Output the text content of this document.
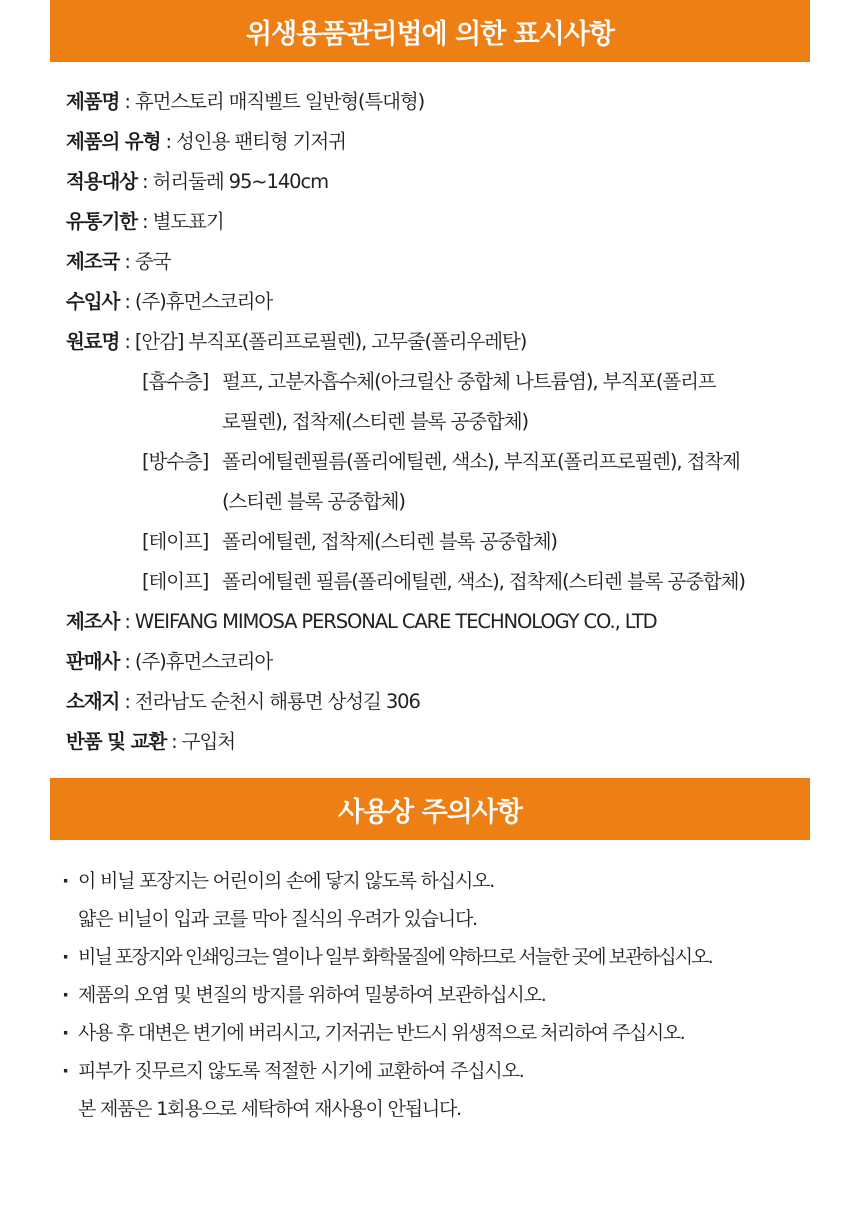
위생용품관리법에 의한 표시사항
제품명 : 휴먼스토리 매직벨트 일반형(특대형)
제품의 유형 : 성인용 팬티형 기저귀
적용대상 : 허리둘레 95~140cm
유통기한 : 별도표기
제조국 : 중국
수입사 : (주)휴먼스코리아
원료명 : [안감] 부직포(폴리프로필렌), 고무줄(폴리우레탄)
[흡수층] 펄프, 고분자흡수체(아크릴산 중합체 나트륨염), 부직포(폴리프
로필렌), 접착제(스티렌 블록 공중합체)
[방수층] 폴리에틸렌필름(폴리에틸렌, 색소), 부직포(폴리프로필렌), 접착제
(스티렌 블록 공중합체)
[테이프] 폴리에틸렌, 접착제(스티렌 블록 공중합체)
[테이프] 폴리에틸렌 필름(폴리에틸렌, 색소), 접착제(스티렌 블록 공중합체)
제조사 : WEIFANG MIMOSA PERSONAL CARE TECHNOLOGY CO., LTD
판매사 : (주)휴먼스코리아
소재지 : 전라남도 순천시 해룡면 상성길 306
반품 및 교환 : 구입처
사용상 주의사항
· 이 비닐 포장지는 어린이의 손에 닿지 않도록 하십시오.
얇은 비닐이 입과 코를 막아 질식의 우려가 있습니다.
· 비닐 포장지와 인쇄잉크는 열이나 일부 화학물질에 약하므로 서늘한 곳에 보관하십시오.
· 제품의 오염 및 변질의 방지를 위하여 밀봉하여 보관하십시오.
· 사용 후 대변은 변기에 버리시고, 기저귀는 반드시 위생적으로 처리하여 주십시오.
· 피부가 짓무르지 않도록 적절한 시기에 교환하여 주십시오.
본 제품은 1회용으로 세탁하여 재사용이 안됩니다.
